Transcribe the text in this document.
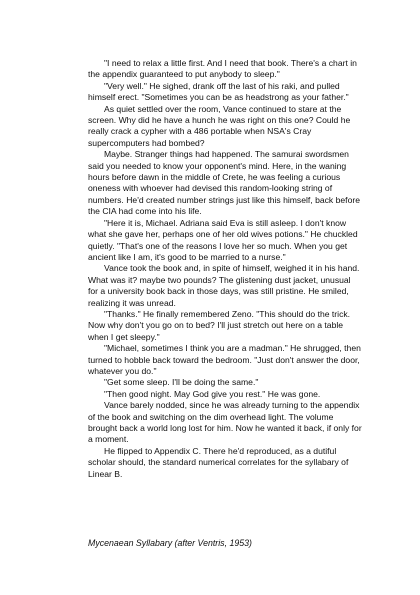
"I need to relax a little first. And I need that book. There's a chart in the appendix guaranteed to put anybody to sleep."

"Very well." He sighed, drank off the last of his raki, and pulled himself erect. "Sometimes you can be as headstrong as your father."

As quiet settled over the room, Vance continued to stare at the screen. Why did he have a hunch he was right on this one? Could he really crack a cypher with a 486 portable when NSA's Cray supercomputers had bombed?

Maybe. Stranger things had happened. The samurai swordsmen said you needed to know your opponent's mind. Here, in the waning hours before dawn in the middle of Crete, he was feeling a curious oneness with whoever had devised this random-looking string of numbers. He'd created number strings just like this himself, back before the CIA had come into his life.

"Here it is, Michael. Adriana said Eva is still asleep. I don't know what she gave her, perhaps one of her old wives potions." He chuckled quietly. "That's one of the reasons I love her so much. When you get ancient like I am, it's good to be married to a nurse."

Vance took the book and, in spite of himself, weighed it in his hand. What was it? maybe two pounds? The glistening dust jacket, unusual for a university book back in those days, was still pristine. He smiled, realizing it was unread.

"Thanks." He finally remembered Zeno. "This should do the trick. Now why don't you go on to bed? I'll just stretch out here on a table when I get sleepy."

"Michael, sometimes I think you are a madman." He shrugged, then turned to hobble back toward the bedroom. "Just don't answer the door, whatever you do."

"Get some sleep. I'll be doing the same."

"Then good night. May God give you rest." He was gone.

Vance barely nodded, since he was already turning to the appendix of the book and switching on the dim overhead light. The volume brought back a world long lost for him. Now he wanted it back, if only for a moment.

He flipped to Appendix C. There he'd reproduced, as a dutiful scholar should, the standard numerical correlates for the syllabary of Linear B.

Mycenaean Syllabary (after Ventris, 1953)
